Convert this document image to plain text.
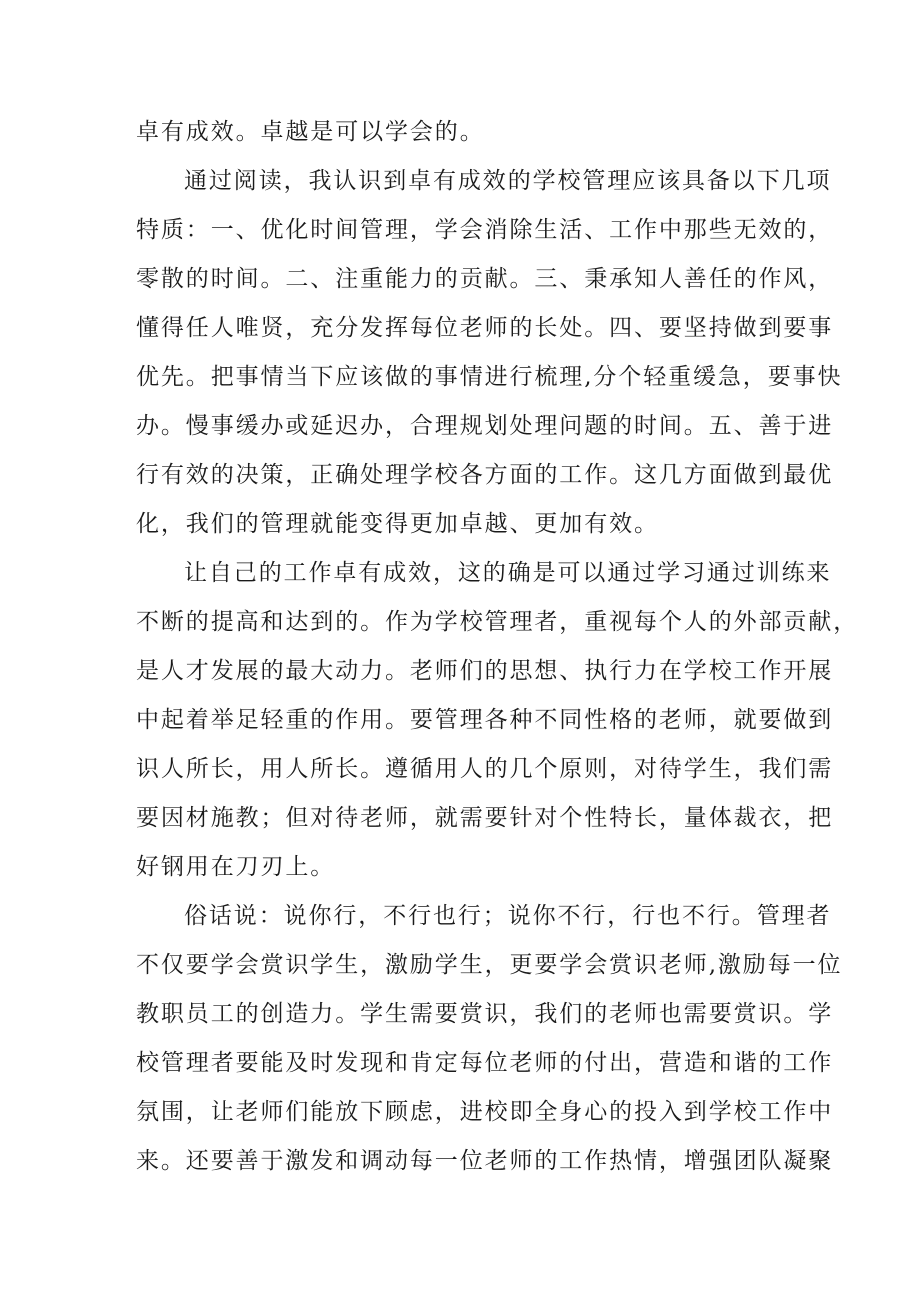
卓有成效。卓越是可以学会的。
通过阅读，我认识到卓有成效的学校管理应该具备以下几项
特质：一、优化时间管理，学会消除生活、工作中那些无效的，
零散的时间。二、注重能力的贡献。三、秉承知人善任的作风，
懂得任人唯贤，充分发挥每位老师的长处。四、要坚持做到要事
优先。把事情当下应该做的事情进行梳理,分个轻重缓急，要事快
办。慢事缓办或延迟办，合理规划处理问题的时间。五、善于进
行有效的决策，正确处理学校各方面的工作。这几方面做到最优
化，我们的管理就能变得更加卓越、更加有效。
让自己的工作卓有成效，这的确是可以通过学习通过训练来
不断的提高和达到的。作为学校管理者，重视每个人的外部贡献，
是人才发展的最大动力。老师们的思想、执行力在学校工作开展
中起着举足轻重的作用。要管理各种不同性格的老师，就要做到
识人所长，用人所长。遵循用人的几个原则，对待学生，我们需
要因材施教；但对待老师，就需要针对个性特长，量体裁衣，把
好钢用在刀刃上。
俗话说：说你行，不行也行；说你不行，行也不行。管理者
不仅要学会赏识学生，激励学生，更要学会赏识老师,激励每一位
教职员工的创造力。学生需要赏识，我们的老师也需要赏识。学
校管理者要能及时发现和肯定每位老师的付出，营造和谐的工作
氛围，让老师们能放下顾虑，进校即全身心的投入到学校工作中
来。还要善于激发和调动每一位老师的工作热情，增强团队凝聚
